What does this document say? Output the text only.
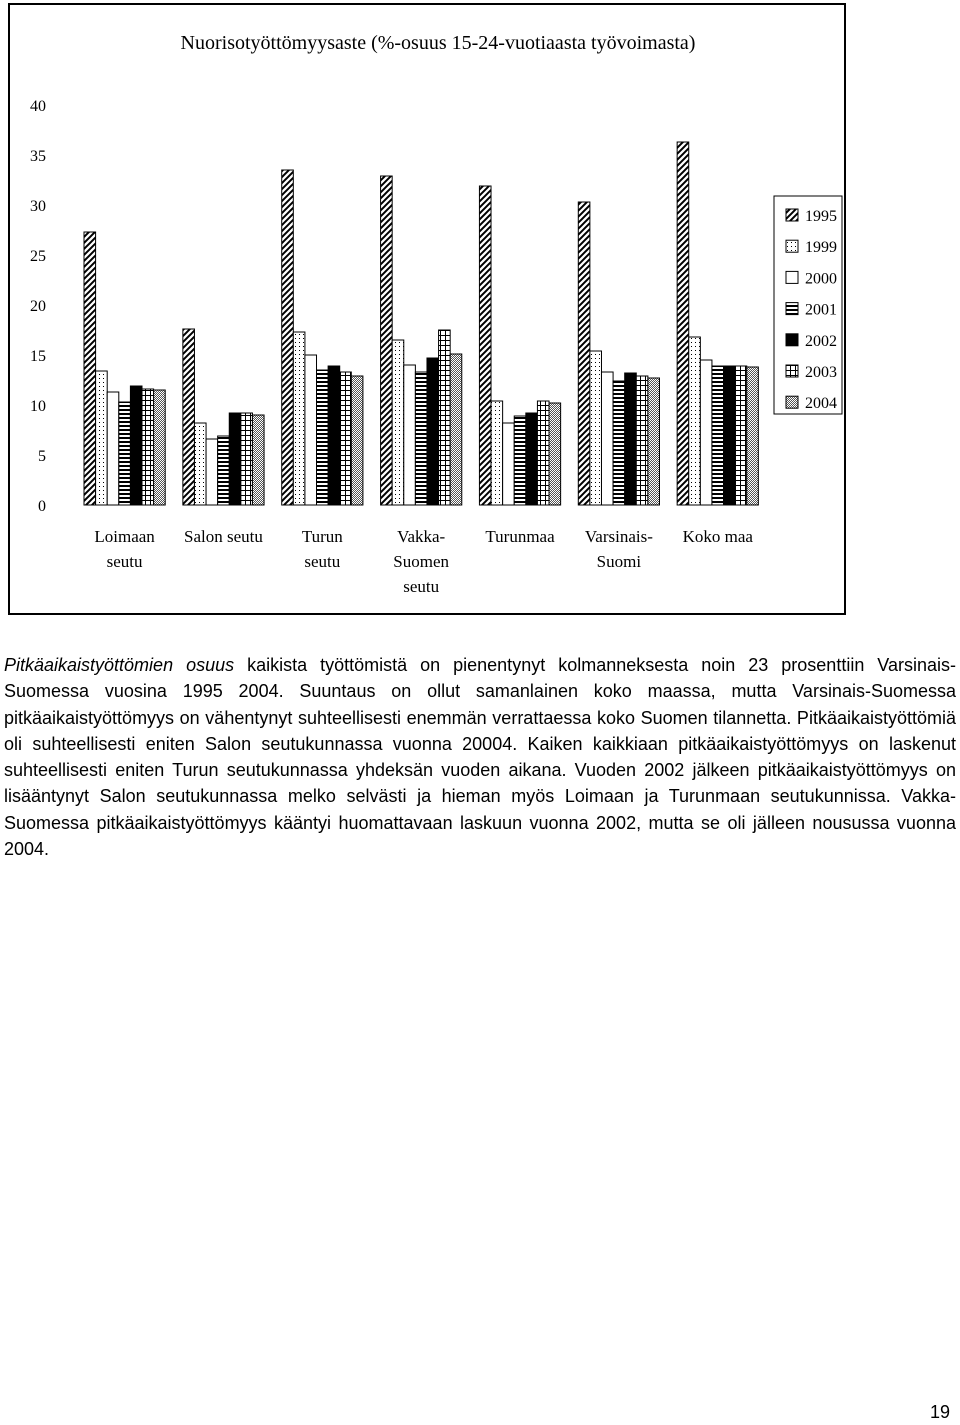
Nuorisotyöttömyysaste (%-osuus 15-24-vuotiaasta työvoimasta)
0
5
10
15
20
25
30
35
40
Loimaan
seutu
Salon seutu Turun
seutu
Vakka-
Suomen
seutu
Turunmaa Varsinais-
Suomi
Koko maa
1995
1999
2000
2001
2002
2003
2004

Pitkäaikaistyöttömien osuus kaikista työttömistä on pienentynyt kolmanneksesta noin 23 prosenttiin Varsinais-Suomessa vuosina 1995 2004. Suuntaus on ollut samanlainen koko maassa, mutta Varsinais-Suomessa pitkäaikaistyöttömyys on vähentynyt suhteellisesti enemmän verrattaessa koko Suomen tilannetta. Pitkäaikaistyöttömiä oli suhteellisesti eniten Salon seutukunnassa vuonna 20004. Kaiken kaikkiaan pitkäaikaistyöttömyys on laskenut suhteellisesti eniten Turun seutukunnassa yhdeksän vuoden aikana. Vuoden 2002 jälkeen pitkäaikaistyöttömyys on lisääntynyt Salon seutukunnassa melko selvästi ja hieman myös Loimaan ja Turunmaan seutukunnissa. Vakka-Suomessa pitkäaikaistyöttömyys kääntyi huomattavaan laskuun vuonna 2002, mutta se oli jälleen nousussa vuonna 2004.

19
